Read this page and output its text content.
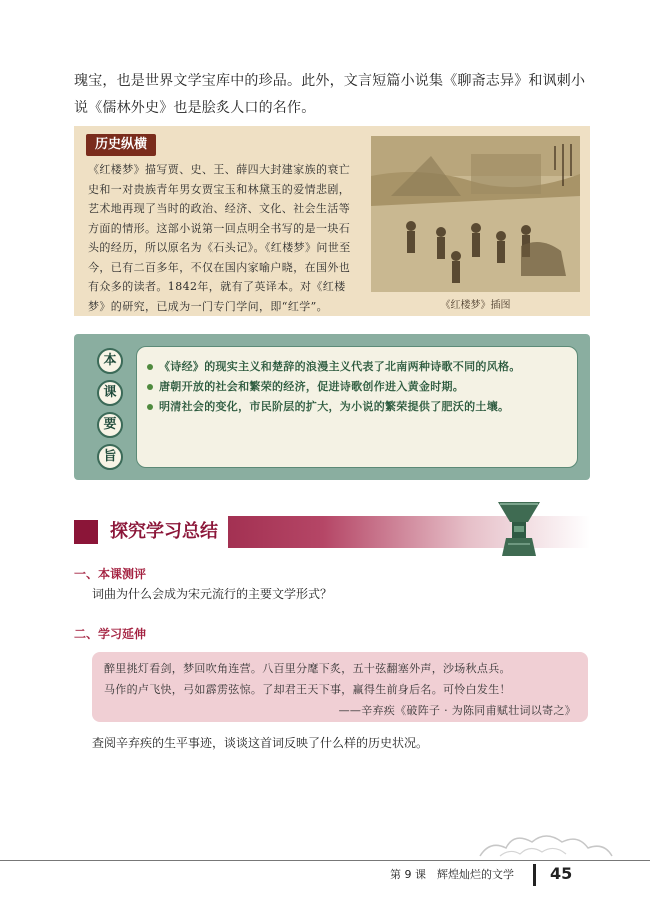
瑰宝，也是世界文学宝库中的珍品。此外，文言短篇小说集《聊斋志异》和讽刺小说《儒林外史》也是脍炙人口的名作。

历史纵横

《红楼梦》描写贾、史、王、薛四大封建家族的衰亡史和一对贵族青年男女贾宝玉和林黛玉的爱情悲剧，艺术地再现了当时的政治、经济、文化、社会生活等方面的情形。这部小说第一回点明全书写的是一块石头的经历，所以原名为《石头记》。《红楼梦》问世至今，已有二百多年，不仅在国内家喻户晓，在国外也有众多的读者。1842年，就有了英译本。对《红楼梦》的研究，已成为一门专门学问，即“红学”。	《红楼梦》插图
本
课
要
旨
《诗经》的现实主义和楚辞的浪漫主义代表了北南两种诗歌不同的风格。
唐朝开放的社会和繁荣的经济，促进诗歌创作进入黄金时期。
明清社会的变化，市民阶层的扩大，为小说的繁荣提供了肥沃的土壤。
探究学习总结
一、本课测评
词曲为什么会成为宋元流行的主要文学形式？
二、学习延伸

醉里挑灯看剑，梦回吹角连营。八百里分麾下炙，五十弦翻塞外声，沙场秋点兵。

马作的卢飞快，弓如霹雳弦惊。了却君王天下事，赢得生前身后名。可怜白发生！

——辛弃疾《破阵子 · 为陈同甫赋壮词以寄之》

查阅辛弃疾的生平事迹，谈谈这首词反映了什么样的历史状况。
第 9 课　辉煌灿烂的文学 45
